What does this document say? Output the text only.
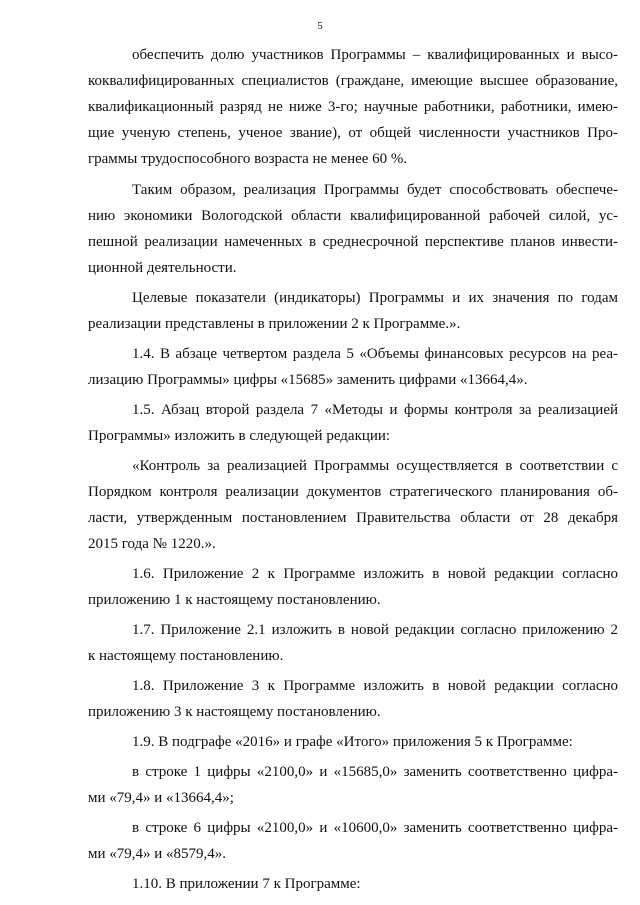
5
обеспечить долю участников Программы – квалифицированных и высо-
коквалифицированных специалистов (граждане, имеющие высшее образование,
квалификационный разряд не ниже 3-го; научные работники, работники, имею-
щие ученую степень, ученое звание), от общей численности участников Про-
граммы трудоспособного возраста не менее 60 %.
Таким образом, реализация Программы будет способствовать обеспече-
нию экономики Вологодской области квалифицированной рабочей силой, ус-
пешной реализации намеченных в среднесрочной перспективе планов инвести-
ционной деятельности.
Целевые показатели (индикаторы) Программы и их значения по годам
реализации представлены в приложении 2 к Программе.».
1.4. В абзаце четвертом раздела 5 «Объемы финансовых ресурсов на реа-
лизацию Программы» цифры «15685» заменить цифрами «13664,4».
1.5. Абзац второй раздела 7 «Методы и формы контроля за реализацией
Программы» изложить в следующей редакции:
«Контроль за реализацией Программы осуществляется в соответствии с
Порядком контроля реализации документов стратегического планирования об-
ласти, утвержденным постановлением Правительства области от 28 декабря
2015 года № 1220.».
1.6. Приложение 2 к Программе изложить в новой редакции согласно
приложению 1 к настоящему постановлению.
1.7. Приложение 2.1 изложить в новой редакции согласно приложению 2
к настоящему постановлению.
1.8. Приложение 3 к Программе изложить в новой редакции согласно
приложению 3 к настоящему постановлению.
1.9. В подграфе «2016» и графе «Итого» приложения 5 к Программе:
в строке 1 цифры «2100,0» и «15685,0» заменить соответственно цифра-
ми «79,4» и «13664,4»;
в строке 6 цифры «2100,0» и «10600,0» заменить соответственно цифра-
ми «79,4» и «8579,4».
1.10. В приложении 7 к Программе:
